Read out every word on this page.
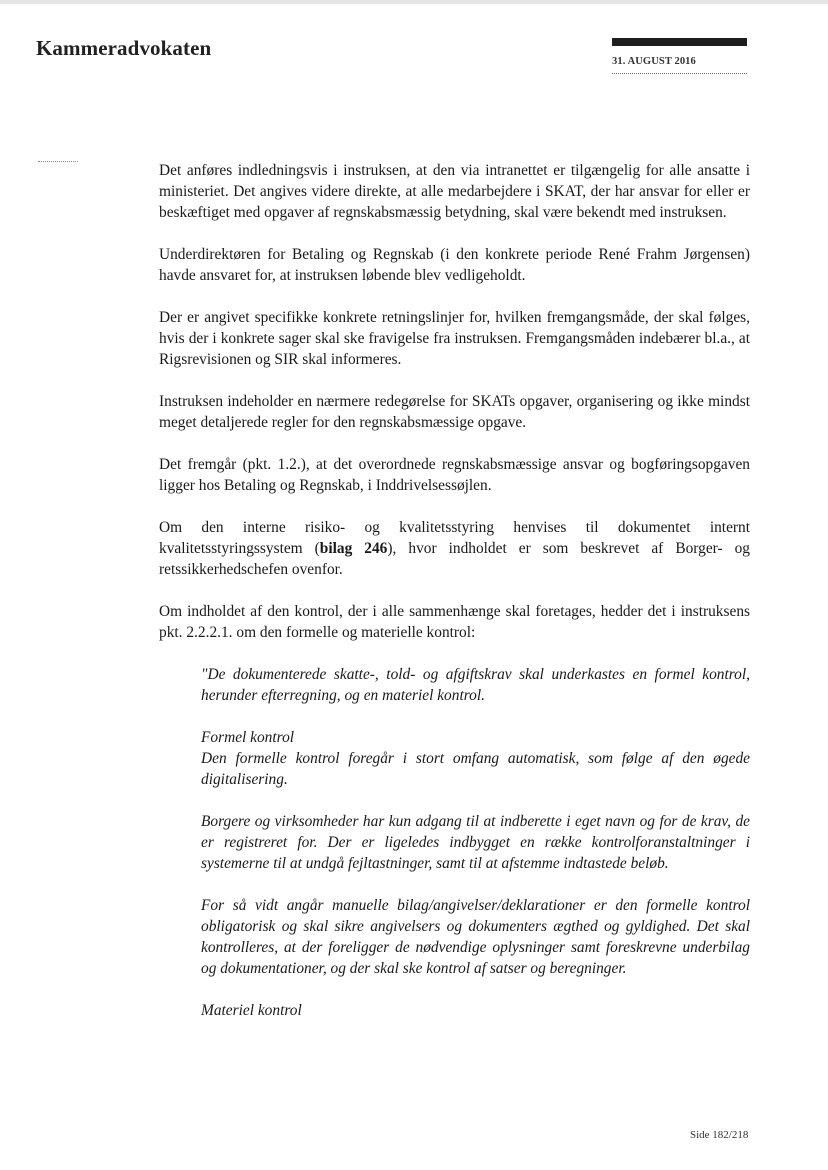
Kammeradvokaten
31. AUGUST 2016

Det anføres indledningsvis i instruksen, at den via intranettet er tilgængelig for alle ansatte i ministeriet. Det angives videre direkte, at alle medarbejdere i SKAT, der har ansvar for eller er beskæftiget med opgaver af regnskabsmæssig betydning, skal være bekendt med instruksen.

Underdirektøren for Betaling og Regnskab (i den konkrete periode René Frahm Jørgensen) havde ansvaret for, at instruksen løbende blev vedligeholdt.

Der er angivet specifikke konkrete retningslinjer for, hvilken fremgangsmåde, der skal følges, hvis der i konkrete sager skal ske fravigelse fra instruksen. Fremgangsmåden indebærer bl.a., at Rigsrevisionen og SIR skal informeres.

Instruksen indeholder en nærmere redegørelse for SKATs opgaver, organisering og ikke mindst meget detaljerede regler for den regnskabsmæssige opgave.

Det fremgår (pkt. 1.2.), at det overordnede regnskabsmæssige ansvar og bogføringsopgaven ligger hos Betaling og Regnskab, i Inddrivelsessøjlen.

Om den interne risiko- og kvalitetsstyring henvises til dokumentet internt kvalitetsstyringssystem (bilag 246), hvor indholdet er som beskrevet af Borger- og retssikkerhedschefen ovenfor.

Om indholdet af den kontrol, der i alle sammenhænge skal foretages, hedder det i instruksens pkt. 2.2.2.1. om den formelle og materielle kontrol:

"De dokumenterede skatte-, told- og afgiftskrav skal underkastes en formel kontrol, herunder efterregning, og en materiel kontrol.

Formel kontrol

Den formelle kontrol foregår i stort omfang automatisk, som følge af den øgede digitalisering.

Borgere og virksomheder har kun adgang til at indberette i eget navn og for de krav, de er registreret for. Der er ligeledes indbygget en række kontrolforanstaltninger i systemerne til at undgå fejltastninger, samt til at afstemme indtastede beløb.

For så vidt angår manuelle bilag/angivelser/deklarationer er den formelle kontrol obligatorisk og skal sikre angivelsers og dokumenters ægthed og gyldighed. Det skal kontrolleres, at der foreligger de nødvendige oplysninger samt foreskrevne underbilag og dokumentationer, og der skal ske kontrol af satser og beregninger.

Materiel kontrol
Side 182/218
